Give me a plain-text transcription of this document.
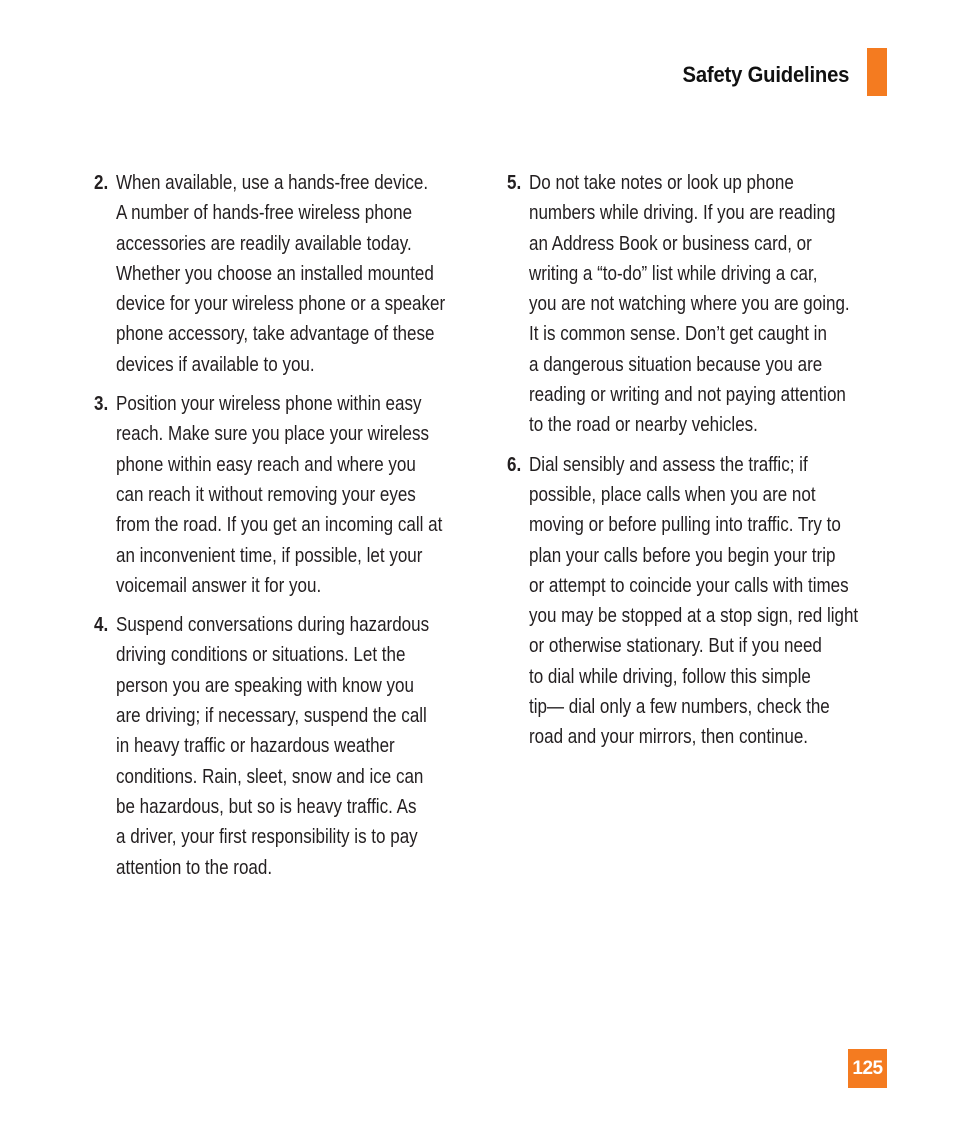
Safety Guidelines
2. When available, use a hands-free device.
A number of hands-free wireless phone
accessories are readily available today.
Whether you choose an installed mounted
device for your wireless phone or a speaker
phone accessory, take advantage of these
devices if available to you.
3. Position your wireless phone within easy
reach. Make sure you place your wireless
phone within easy reach and where you
can reach it without removing your eyes
from the road. If you get an incoming call at
an inconvenient time, if possible, let your
voicemail answer it for you.
4. Suspend conversations during hazardous
driving conditions or situations. Let the
person you are speaking with know you
are driving; if necessary, suspend the call
in heavy traffic or hazardous weather
conditions. Rain, sleet, snow and ice can
be hazardous, but so is heavy traffic. As
a driver, your first responsibility is to pay
attention to the road.
5. Do not take notes or look up phone
numbers while driving. If you are reading
an Address Book or business card, or
writing a “to-do” list while driving a car,
you are not watching where you are going.
It is common sense. Don’t get caught in
a dangerous situation because you are
reading or writing and not paying attention
to the road or nearby vehicles.
6. Dial sensibly and assess the traffic; if
possible, place calls when you are not
moving or before pulling into traffic. Try to
plan your calls before you begin your trip
or attempt to coincide your calls with times
you may be stopped at a stop sign, red light
or otherwise stationary. But if you need
to dial while driving, follow this simple
tip— dial only a few numbers, check the
road and your mirrors, then continue.
125
